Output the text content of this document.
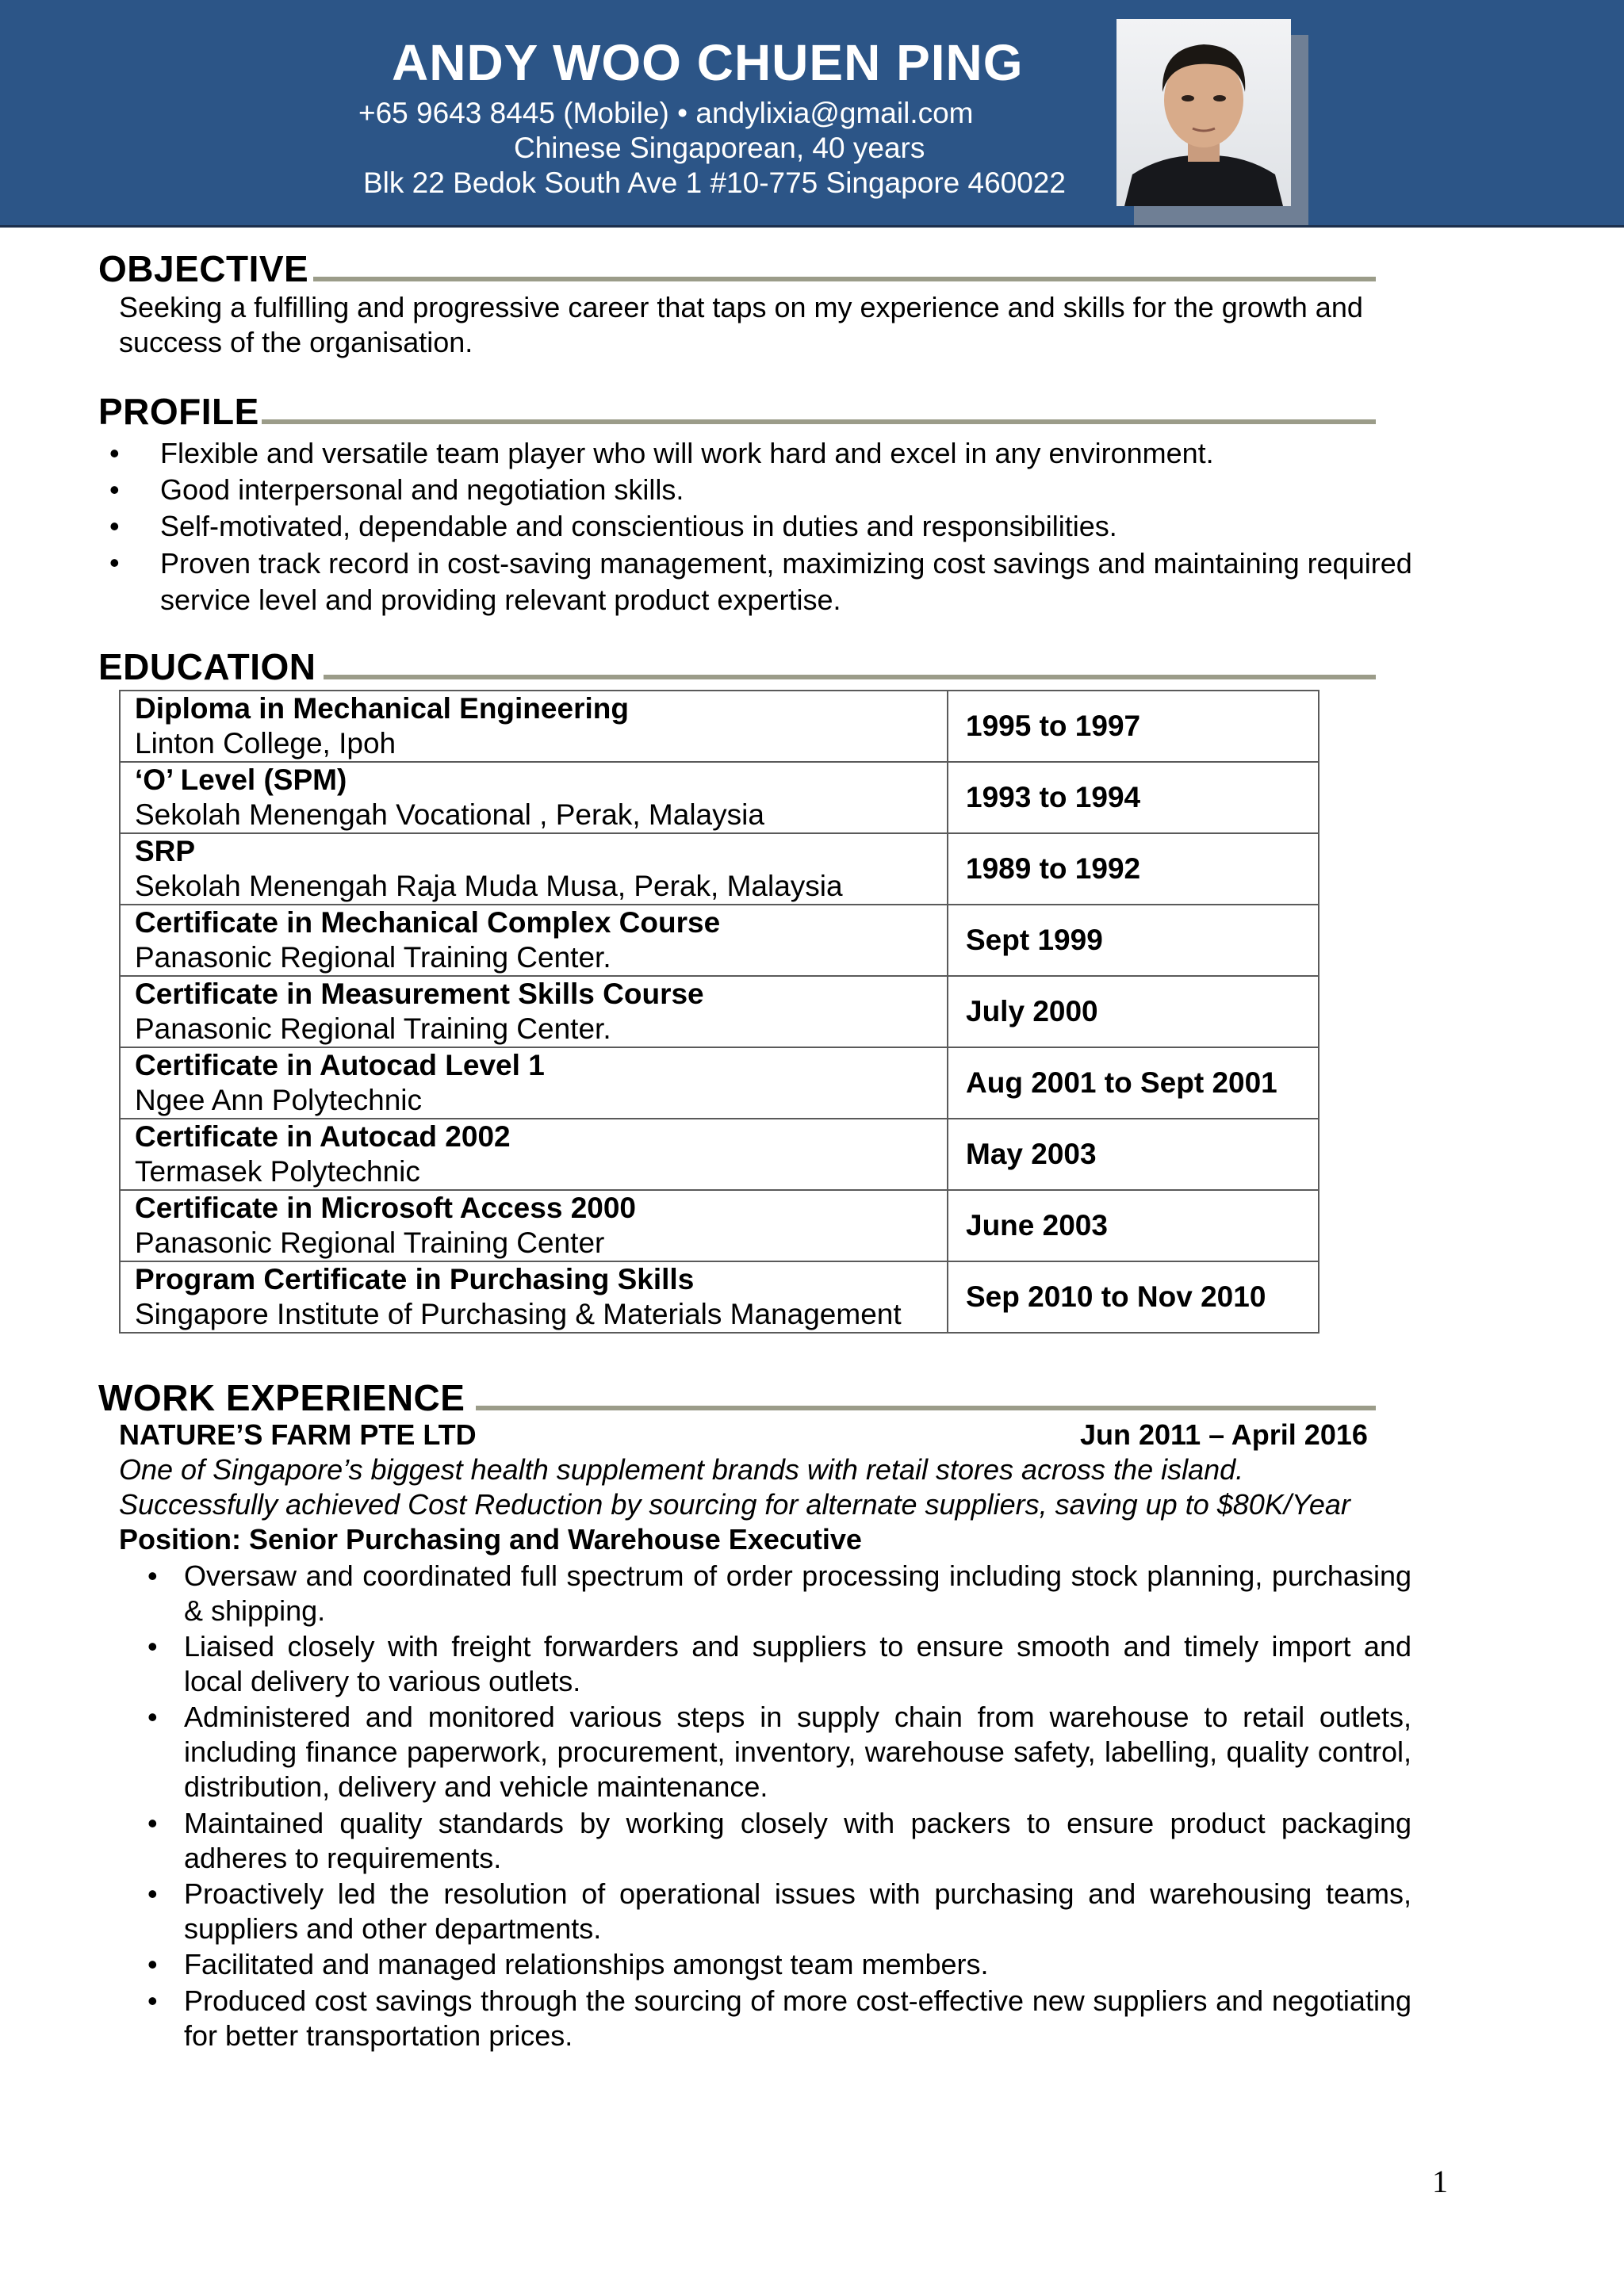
ANDY WOO CHUEN PING
+65 9643 8445 (Mobile) • andylixia@gmail.com
Chinese Singaporean, 40 years
Blk 22 Bedok South Ave 1 #10-775 Singapore 460022
OBJECTIVE
Seeking a fulfilling and progressive career that taps on my experience and skills for the growth and
success of the organisation.
PROFILE
• Flexible and versatile team player who will work hard and excel in any environment.
• Good interpersonal and negotiation skills.
• Self-motivated, dependable and conscientious in duties and responsibilities.
• Proven track record in cost-saving management, maximizing cost savings and maintaining required service level and providing relevant product expertise.
EDUCATION
Diploma in Mechanical Engineering
Linton College, Ipoh	1995 to 1997

‘O’ Level (SPM)
Sekolah Menengah Vocational , Perak, Malaysia	1993 to 1994

SRP
Sekolah Menengah Raja Muda Musa, Perak, Malaysia	1989 to 1992

Certificate in Mechanical Complex Course
Panasonic Regional Training Center.	Sept 1999

Certificate in Measurement Skills Course
Panasonic Regional Training Center.	July 2000

Certificate in Autocad Level 1
Ngee Ann Polytechnic	Aug 2001 to Sept 2001

Certificate in Autocad 2002
Termasek Polytechnic	May 2003

Certificate in Microsoft Access 2000
Panasonic Regional Training Center	June 2003

Program Certificate in Purchasing Skills
Singapore Institute of Purchasing & Materials Management	Sep 2010 to Nov 2010
WORK EXPERIENCE
NATURE’S FARM PTE LTD	Jun 2011 – April 2016
One of Singapore’s biggest health supplement brands with retail stores across the island.
Successfully achieved Cost Reduction by sourcing for alternate suppliers, saving up to $80K/Year
Position: Senior Purchasing and Warehouse Executive
• Oversaw and coordinated full spectrum of order processing including stock planning, purchasing & shipping.
• Liaised closely with freight forwarders and suppliers to ensure smooth and timely import and local delivery to various outlets.
• Administered and monitored various steps in supply chain from warehouse to retail outlets, including finance paperwork, procurement, inventory, warehouse safety, labelling, quality control, distribution, delivery and vehicle maintenance.
• Maintained quality standards by working closely with packers to ensure product packaging adheres to requirements.
• Proactively led the resolution of operational issues with purchasing and warehousing teams, suppliers and other departments.
• Facilitated and managed relationships amongst team members.
• Produced cost savings through the sourcing of more cost-effective new suppliers and negotiating for better transportation prices.
1
